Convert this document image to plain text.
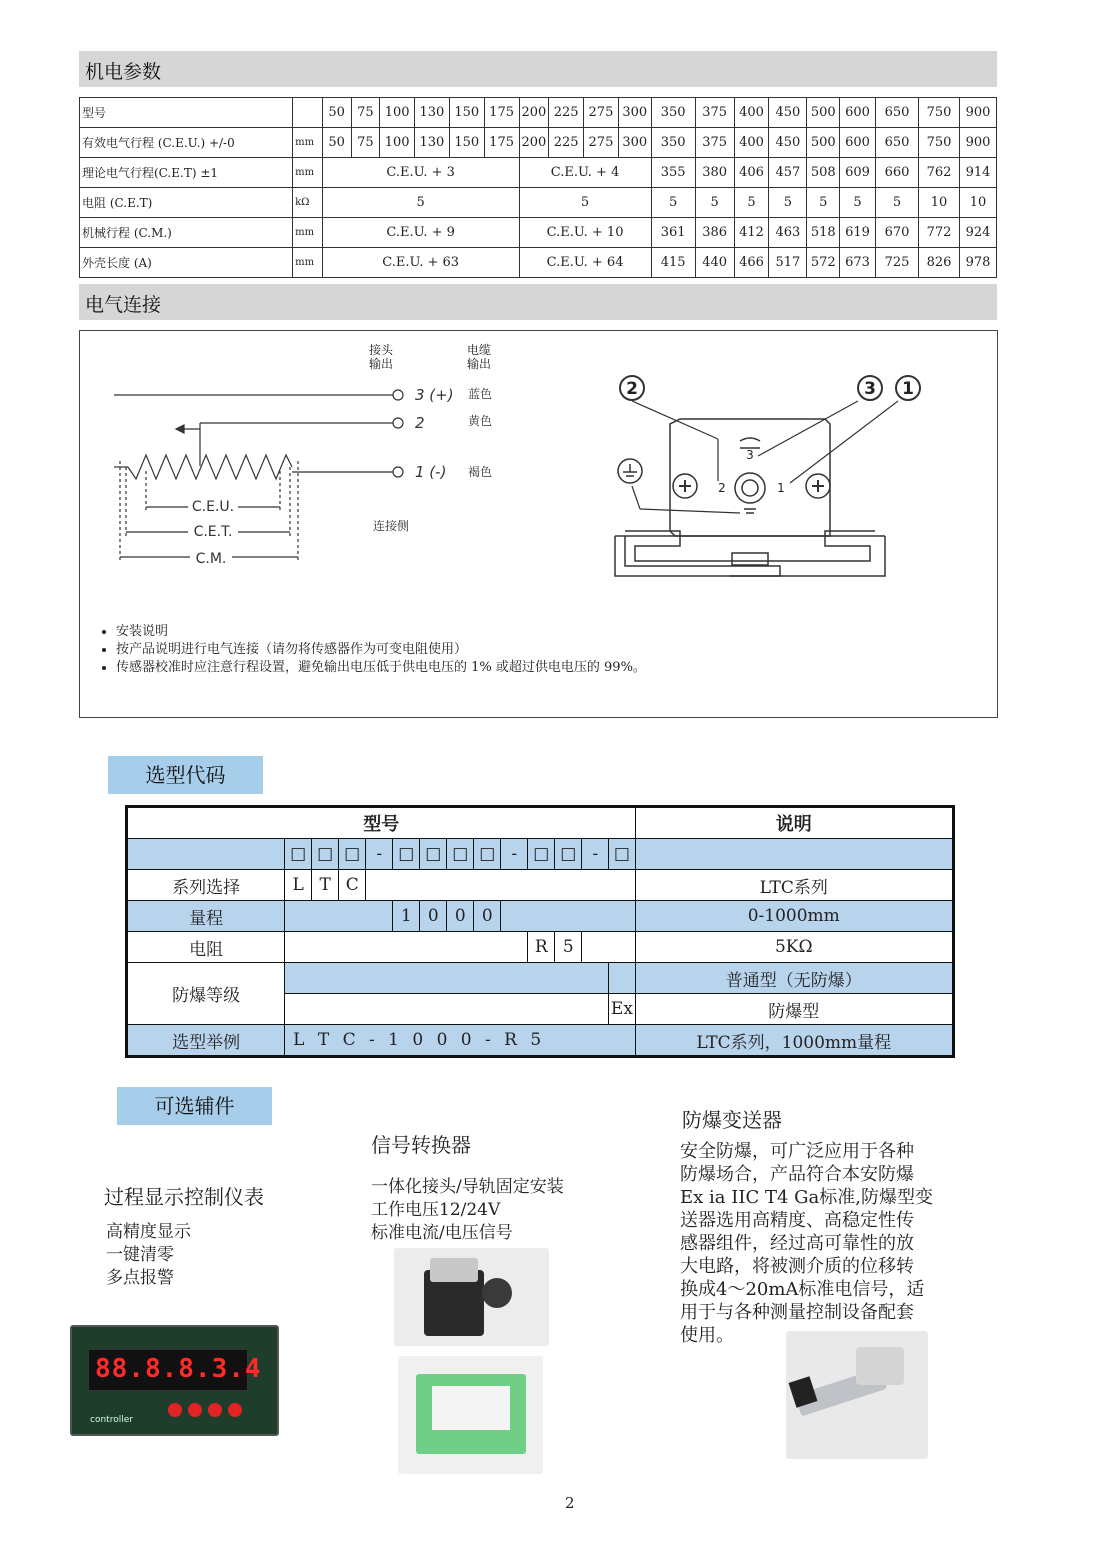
机电参数
型号		50	75	100	130	150	175	200	225	275	300	350	375	400	450	500	600	650	750	900
有效电气行程 (C.E.U.) +/-0	mm	50	75	100	130	150	175	200	225	275	300	350	375	400	450	500	600	650	750	900
理论电气行程(C.E.T) ±1	mm	C.E.U. + 3						C.E.U. + 4				355	380	406	457	508	609	660	762	914
电阻 (C.E.T)	kΩ	5						5				5	5	5	5	5	5	5	10	10
机械行程 (C.M.)	mm	C.E.U. + 9						C.E.U. + 10				361	386	412	463	518	619	670	772	924
外壳长度 (A)	mm	C.E.U. + 63						C.E.U. + 64				415	440	466	517	572	673	725	826	978
电气连接
C.E.U.
C.E.T.
C.M.
3 (+)
2
1 (-)
蓝色
黄色
褐色
连接侧
2	3 1
3
2	1
接头
输出
电缆
输出
• 安装说明
• 按产品说明进行电气连接（请勿将传感器作为可变电阻使用）
• 传感器校准时应注意行程设置，避免输出电压低于供电电压的 1% 或超过供电电压的 99%。
选型代码
型号														说明
	□	□	□	-	□	□	□	□	-	□	□	-	□	
系列选择	L	T	C											LTC系列
量程					1	0	0	0						0-1000mm
电阻										R	5			5KΩ
防爆等级														普通型（无防爆）
													Ex	防爆型
选型举例	L T C - 1 0 0 0 - R 5													LTC系列，1000mm量程
可选辅件
过程显示控制仪表
高精度显示
一键清零
多点报警
88.8.8.3.4
controller
信号转换器
一体化接头/导轨固定安装
工作电压12/24V
标准电流/电压信号
防爆变送器
安全防爆，可广泛应用于各种
防爆场合，产品符合本安防爆
Ex ia IIC T4 Ga标准,防爆型变
送器选用高精度、高稳定性传
感器组件，经过高可靠性的放
大电路，将被测介质的位移转
换成4～20mA标准电信号，适
用于与各种测量控制设备配套
使用。
2
